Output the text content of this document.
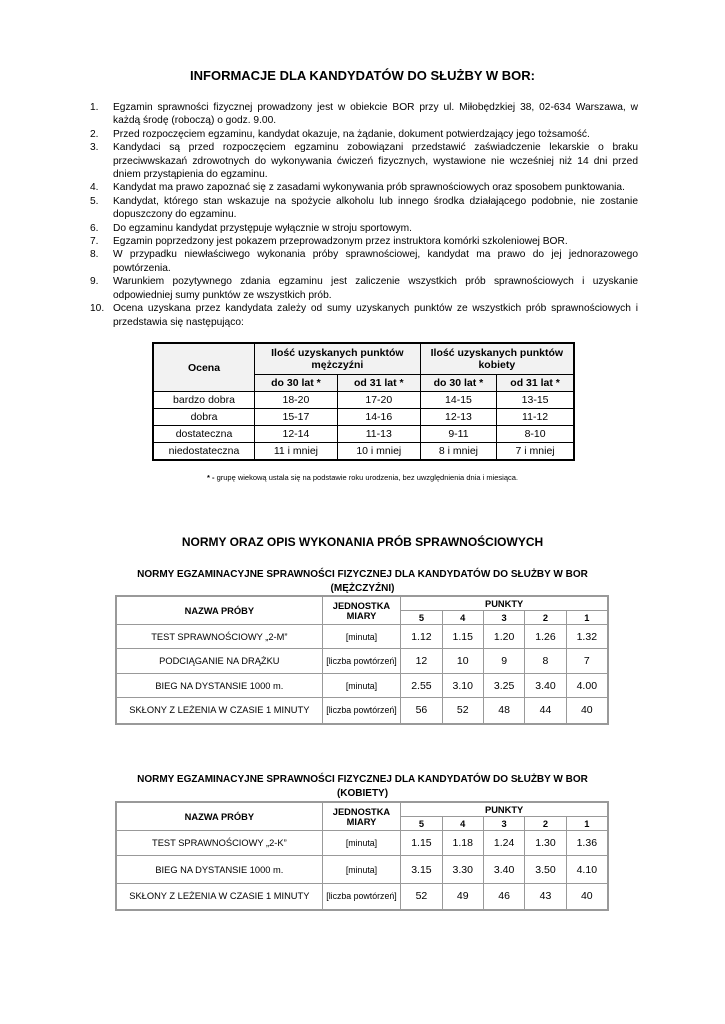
INFORMACJE DLA KANDYDATÓW DO SŁUŻBY W BOR:
1. Egzamin sprawności fizycznej prowadzony jest w obiekcie BOR przy ul. Miłobędzkiej 38, 02-634 Warszawa, w każdą środę (roboczą) o godz. 9.00.
2. Przed rozpoczęciem egzaminu, kandydat okazuje, na żądanie, dokument potwierdzający jego tożsamość.
3. Kandydaci są przed rozpoczęciem egzaminu zobowiązani przedstawić zaświadczenie lekarskie o braku przeciwwskazań zdrowotnych do wykonywania ćwiczeń fizycznych, wystawione nie wcześniej niż 14 dni przed dniem przystąpienia do egzaminu.
4. Kandydat ma prawo zapoznać się z zasadami wykonywania prób sprawnościowych oraz sposobem punktowania.
5. Kandydat, którego stan wskazuje na spożycie alkoholu lub innego środka działającego podobnie, nie zostanie dopuszczony do egzaminu.
6. Do egzaminu kandydat przystępuje wyłącznie w stroju sportowym.
7. Egzamin poprzedzony jest pokazem przeprowadzonym przez instruktora komórki szkoleniowej BOR.
8. W przypadku niewłaściwego wykonania próby sprawnościowej, kandydat ma prawo do jej jednorazowego powtórzenia.
9. Warunkiem pozytywnego zdania egzaminu jest zaliczenie wszystkich prób sprawnościowych i uzyskanie odpowiedniej sumy punktów ze wszystkich prób.
10. Ocena uzyskana przez kandydata zależy od sumy uzyskanych punktów ze wszystkich prób sprawnościowych i przedstawia się następująco:
Ocena	Ilość uzyskanych punktów mężczyźni		Ilość uzyskanych punktów kobiety	
	do 30 lat *	od 31 lat *	do 30 lat *	od 31 lat *
bardzo dobra	18-20	17-20	14-15	13-15
dobra	15-17	14-16	12-13	11-12
dostateczna	12-14	11-13	9-11	8-10
niedostateczna	11 i mniej	10 i mniej	8 i mniej	7 i mniej
* - grupę wiekową ustala się na podstawie roku urodzenia, bez uwzględnienia dnia i miesiąca.
NORMY ORAZ OPIS WYKONANIA PRÓB SPRAWNOŚCIOWYCH
NORMY EGZAMINACYJNE SPRAWNOŚCI FIZYCZNEJ DLA KANDYDATÓW DO SŁUŻBY W BOR (MĘŻCZYŹNI)
NAZWA PRÓBY	JEDNOSTKA MIARY	PUNKTY				
		5	4	3	2	1
TEST SPRAWNOŚCIOWY „2-M”	[minuta]	1.12	1.15	1.20	1.26	1.32
PODCIĄGANIE NA DRĄŻKU	[liczba powtórzeń]	12	10	9	8	7
BIEG NA DYSTANSIE 1000 m.	[minuta]	2.55	3.10	3.25	3.40	4.00
SKŁONY Z LEŻENIA W CZASIE 1 MINUTY	[liczba powtórzeń]	56	52	48	44	40
NORMY EGZAMINACYJNE SPRAWNOŚCI FIZYCZNEJ DLA KANDYDATÓW DO SŁUŻBY W BOR (KOBIETY)
NAZWA PRÓBY	JEDNOSTKA MIARY	PUNKTY				
		5	4	3	2	1
TEST SPRAWNOŚCIOWY „2-K”	[minuta]	1.15	1.18	1.24	1.30	1.36
BIEG NA DYSTANSIE 1000 m.	[minuta]	3.15	3.30	3.40	3.50	4.10
SKŁONY Z LEŻENIA W CZASIE 1 MINUTY	[liczba powtórzeń]	52	49	46	43	40
